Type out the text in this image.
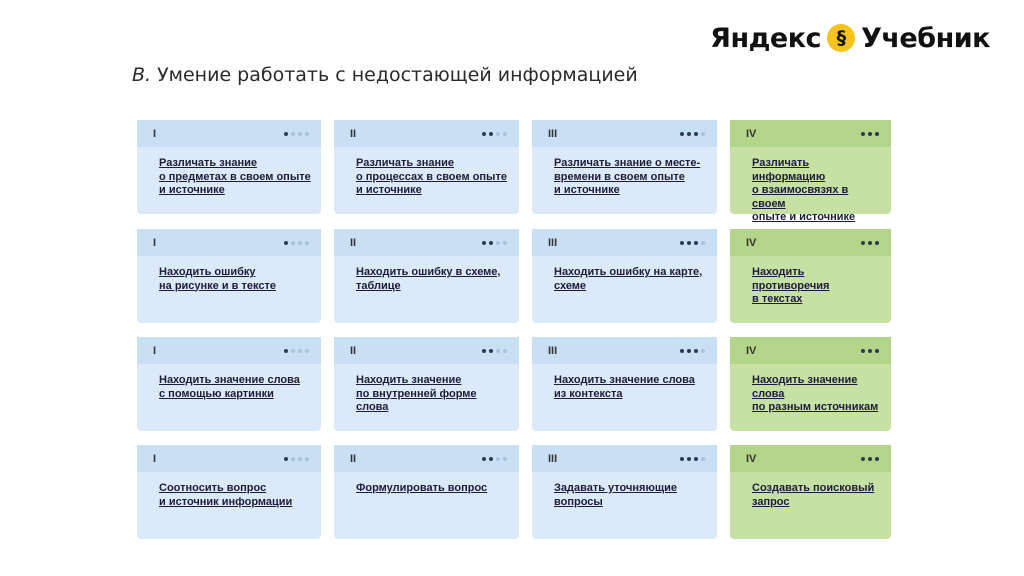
Яндекс § Учебник
B. Умение работать с недостающей информацией
I
Различать знание
о предметах в своем опыте
и источнике
II
Различать знание
о процессах в своем опыте
и источнике
III
Различать знание о месте-
времени в своем опыте
и источнике
IV
Различать информацию
о взаимосвязях в своем
опыте и источнике
I
Находить ошибку
на рисунке и в тексте
II
Находить ошибку в схеме,
таблице
III
Находить ошибку на карте,
схеме
IV
Находить противоречия
в текстах
I
Находить значение слова
с помощью картинки
II
Находить значение
по внутренней форме
слова
III
Находить значение слова
из контекста
IV
Находить значение слова
по разным источникам
I
Соотносить вопрос
и источник информации
II
Формулировать вопрос
III
Задавать уточняющие
вопросы
IV
Создавать поисковый
запрос
